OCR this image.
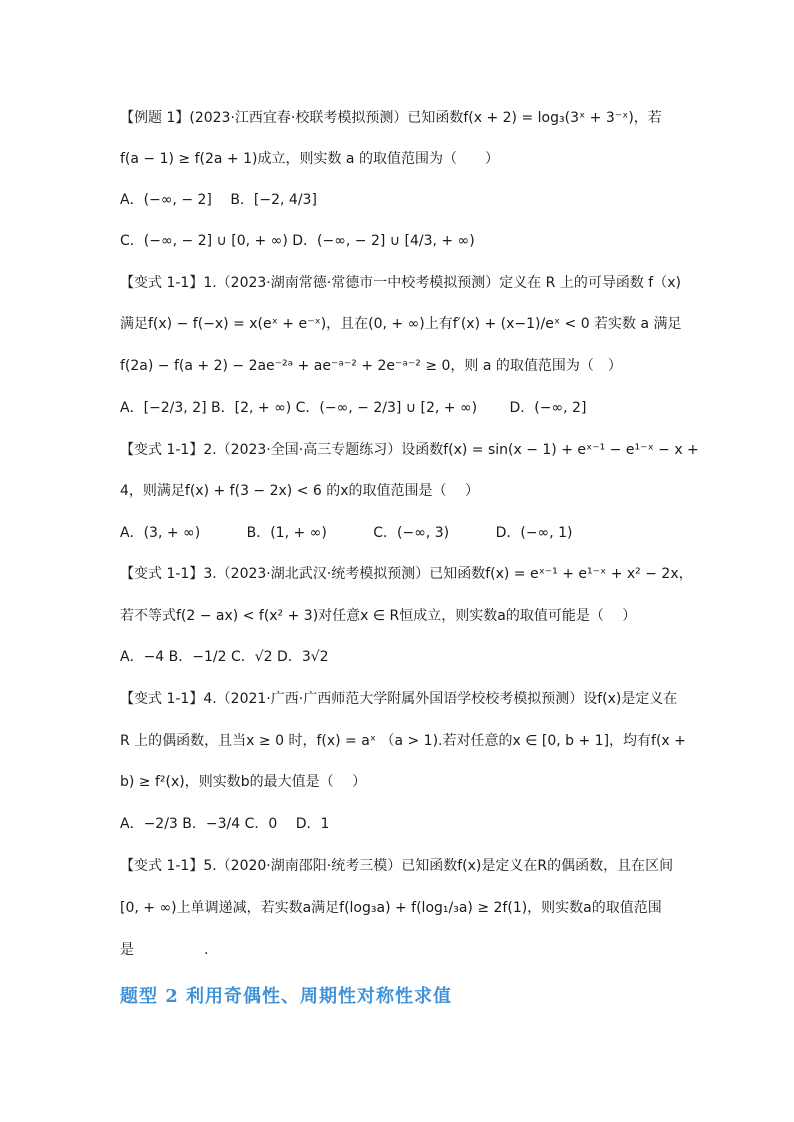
【例题 1】(2023·江西宜春·校联考模拟预测）已知函数f(x + 2) = log₃(3ˣ + 3⁻ˣ)，若
f(a − 1) ≥ f(2a + 1)成立，则实数 a 的取值范围为（　　）
A．(−∞, − 2]　 B．[−2, 4/3]
C．(−∞, − 2] ∪ [0, + ∞) D．(−∞, − 2] ∪ [4/3, + ∞)
【变式 1-1】1.（2023·湖南常德·常德市一中校考模拟预测）定义在 R 上的可导函数 f（x)
满足f(x) − f(−x) = x(eˣ + e⁻ˣ)，且在(0, + ∞)上有f′(x) + (x−1)/eˣ < 0 若实数 a 满足
f(2a) − f(a + 2) − 2ae⁻²ᵃ + ae⁻ᵃ⁻² + 2e⁻ᵃ⁻² ≥ 0，则 a 的取值范围为（　）
A．[−2/3, 2] B．[2, + ∞) C．(−∞, − 2/3] ∪ [2, + ∞)　　 D．(−∞, 2]
【变式 1-1】2.（2023·全国·高三专题练习）设函数f(x) = sin(x − 1) + eˣ⁻¹ − e¹⁻ˣ − x +
4，则满足f(x) + f(3 − 2x) < 6 的x的取值范围是（　 ）
A．(3, + ∞)　　　 B．(1, + ∞)　　　 C．(−∞, 3)　　　 D．(−∞, 1)
【变式 1-1】3.（2023·湖北武汉·统考模拟预测）已知函数f(x) = eˣ⁻¹ + e¹⁻ˣ + x² − 2x，
若不等式f(2 − ax) < f(x² + 3)对任意x ∈ R恒成立，则实数a的取值可能是（　 ）
A．−4 B．−1/2 C．√2 D．3√2
【变式 1-1】4.（2021·广西·广西师范大学附属外国语学校校考模拟预测）设f(x)是定义在
R 上的偶函数，且当x ≥ 0 时，f(x) = aˣ （a > 1).若对任意的x ∈ [0, b + 1]，均有f(x +
b) ≥ f²(x)，则实数b的最大值是（　 ）
A．−2/3 B．−3/4 C．0　 D．1
【变式 1-1】5.（2020·湖南邵阳·统考三模）已知函数f(x)是定义在R的偶函数，且在区间
[0, + ∞)上单调递减，若实数a满足f(log₃a) + f(log₁/₃a) ≥ 2f(1)，则实数a的取值范围
是　　　　　.
题型 2 利用奇偶性、周期性对称性求值
